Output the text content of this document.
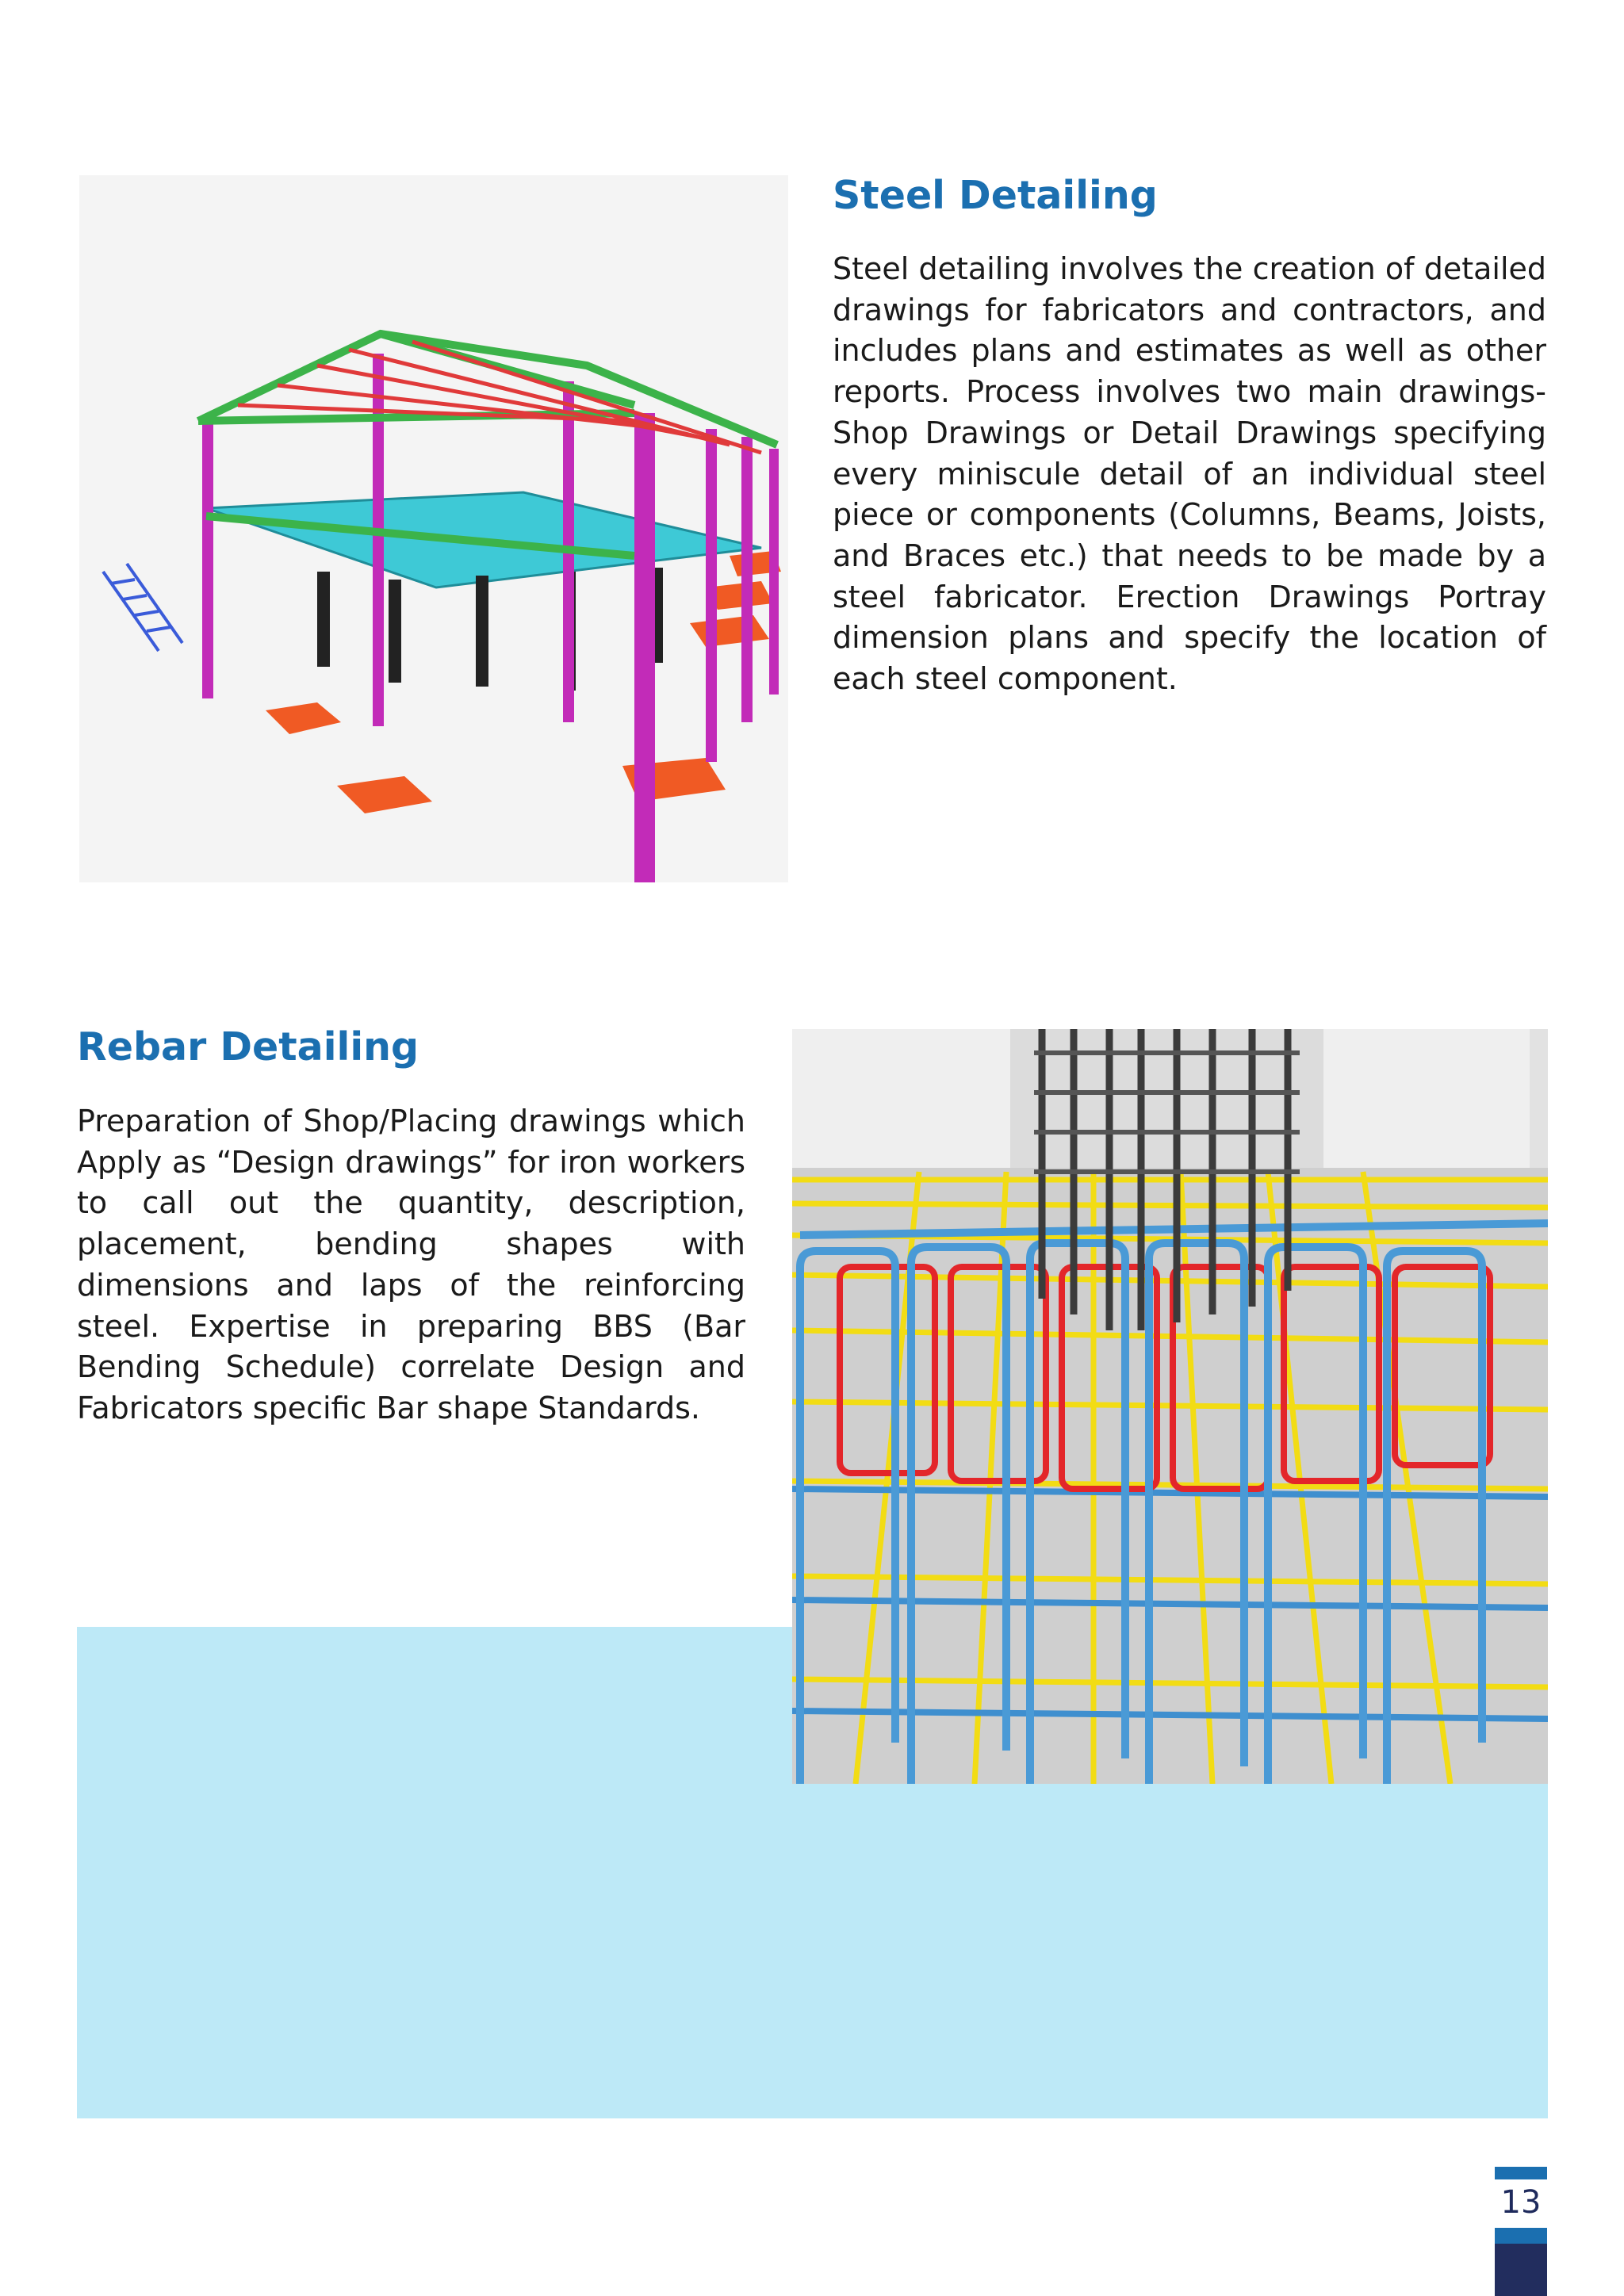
Steel Detailing

Steel detailing involves the creation of detailed drawings for fabricators and contractors, and includes plans and estimates as well as other reports. Process involves two main drawings- Shop Drawings or Detail Drawings specifying every miniscule detail of an individual steel piece or components (Columns, Beams, Joists, and Braces etc.) that needs to be made by a steel fabricator. Erection Drawings Portray dimension plans and specify the location of each steel component.

Rebar Detailing

Preparation of Shop/Placing drawings which Apply as “Design drawings” for iron workers to call out the quantity, description, placement, bending shapes with dimensions and laps of the reinforcing steel. Expertise in preparing BBS (Bar Bending Schedule) correlate Design and Fabricators specific Bar shape Standards.

13
